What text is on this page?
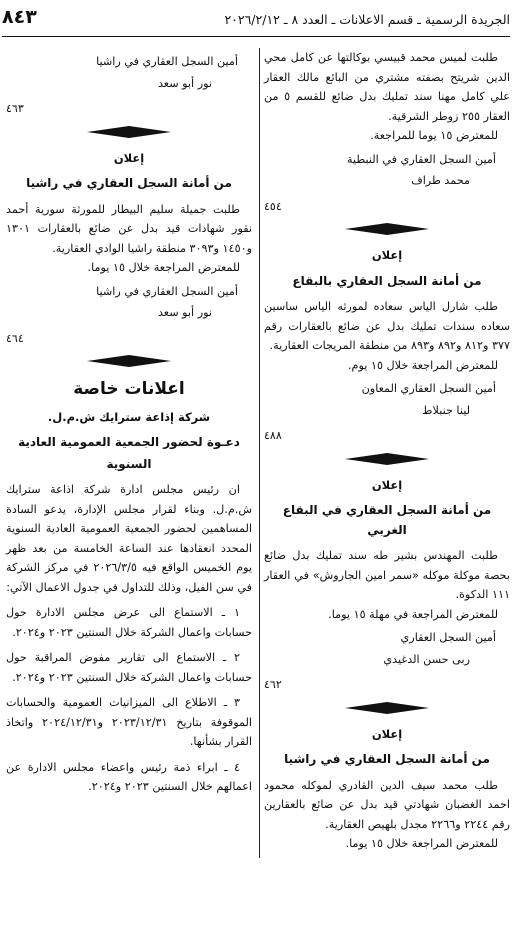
الجريدة الرسمية ـ قسم الاعلانات ـ العدد ٨ ـ ٢٠٢٦/٢/١٢
٨٤٣

طلبت لميس محمد قبيسي بوكالتها عن كامل محي الدين شريتح بصفته مشتري من البائع مالك العقار علي كامل مهنا سند تمليك بدل ضائع للقسم ٥ من العقار ٢٥٥ زوطر الشرقية.

للمعترض ١٥ يوما للمراجعة.

أمين السجل العقاري في النبطية
محمد طراف
٤٥٤
إعلان
من أمانة السجل العقاري بالبقاع

طلب شارل الياس سعاده لمورثه الياس ساسين سعاده سندات تمليك بدل عن ضائع بالعقارات رقم ٣٧٧ و٨١٢ و٨٩٢ و٨٩٣ من منطقة المريجات العقارية.

للمعترض المراجعة خلال ١٥ يوم.

أمين السجل العقاري المعاون
لينا جنبلاط
٤٨٨
إعلان
من أمانة السجل العقاري في البقاع الغربي

طلبت المهندس بشير طه سند تمليك بدل ضائع بحصة موكلة موكله «سمر امين الجاروش» في العقار ١١١ الدكوة.

للمعترض المراجعة في مهلة ١٥ يوما.

أمين السجل العقاري
ربى حسن الدغيدي
٤٦٢
إعلان
من أمانة السجل العقاري في راشيا

طلب محمد سيف الدين القادري لموكله محمود احمد الغضبان شهادتي قيد بدل عن ضائع بالعقارين رقم ٢٢٤٤ و٢٢٦٦ مجدل بلهيص العقارية.

للمعترض المراجعة خلال ١٥ يوما.

أمين السجل العقاري في راشيا
نور أبو سعد
٤٦٣
إعلان
من أمانة السجل العقاري في راشيا

طلبت جميلة سليم البيطار للمورثة سورية أحمد نقور شهادات قيد بدل عن ضائع بالعقارات ١٣٠١ و١٤٥٠ و٣٠٩٣ منطقة راشيا الوادي العقارية.

للمعترض المراجعة خلال ١٥ يوما.

أمين السجل العقاري في راشيا
نور أبو سعد
٤٦٤
اعلانات خاصة
شركة إذاعة سترايك ش.م.ل.
دعـوة لحضور الجمعية العمومية العادية
السنوية

ان رئيس مجلس ادارة شركة اذاعة سترايك ش.م.ل. وبناء لقرار مجلس الإدارة، يدعو السادة المساهمين لحضور الجمعية العمومية العادية السنوية المحدد انعقادها عند الساعة الخامسة من بعد ظهر يوم الخميس الواقع فيه ٢٠٢٦/٣/٥ في مركز الشركة في سن الفيل، وذلك للتداول في جدول الاعمال الآتي:

١ ـ الاستماع الى عرض مجلس الادارة حول حسابات واعمال الشركة خلال السنتين ٢٠٢٣ و٢٠٢٤.

٢ ـ الاستماع الى تقارير مفوض المراقبة حول حسابات واعمال الشركة خلال السنتين ٢٠٢٣ و٢٠٢٤.

٣ ـ الاطلاع الى الميزانيات العمومية والحسابات الموقوفة بتاريخ ٢٠٢٣/١٢/٣١ و٢٠٢٤/١٢/٣١ واتخاذ القرار بشأنها.

٤ ـ ابراء ذمة رئيس واعضاء مجلس الادارة عن اعمالهم خلال السنتين ٢٠٢٣ و٢٠٢٤.
